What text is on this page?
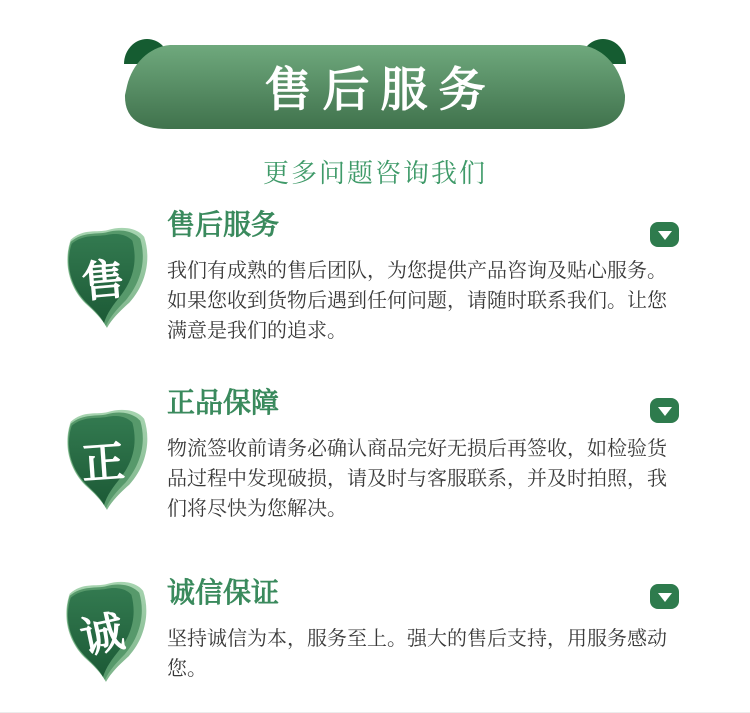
售后服务
更多问题咨询我们
售
正
诚
售后服务

我们有成熟的售后团队，为您提供产品咨询及贴心服务。如果您收到货物后遇到任何问题，请随时联系我们。让您满意是我们的追求。

正品保障

物流签收前请务必确认商品完好无损后再签收，如检验货品过程中发现破损，请及时与客服联系，并及时拍照，我们将尽快为您解决。

诚信保证

坚持诚信为本，服务至上。强大的售后支持，用服务感动您。
